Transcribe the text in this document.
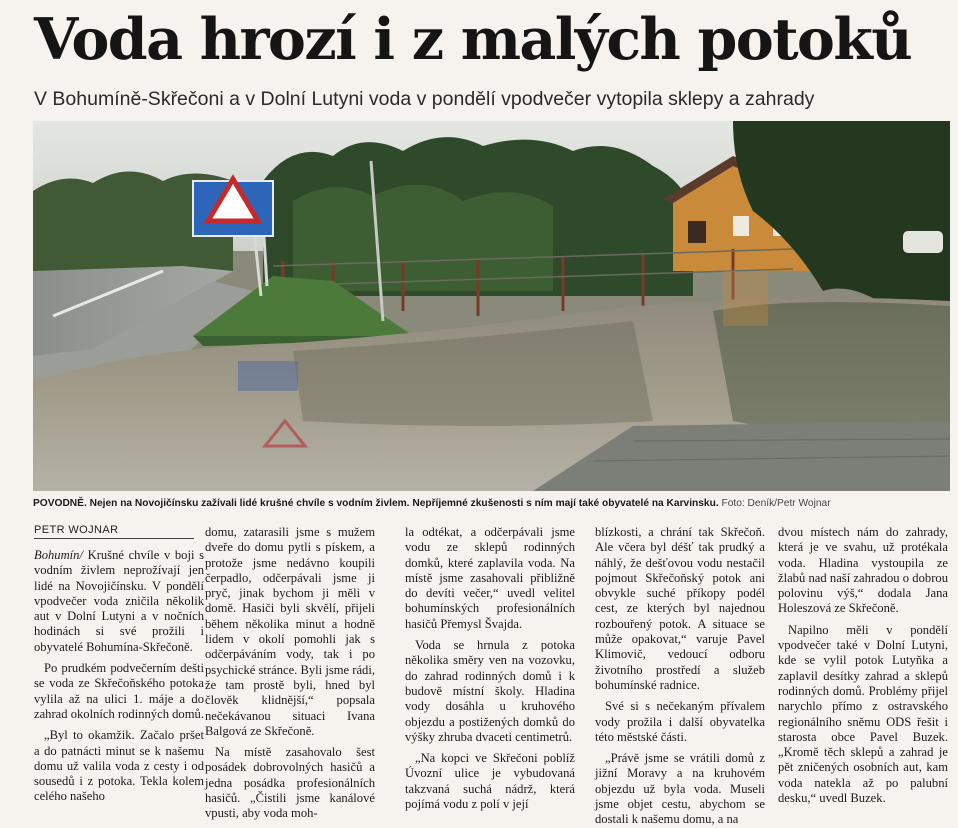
Voda hrozí i z malých potoků
V Bohumíně-Skřečoni a v Dolní Lutyni voda v pondělí vpodvečer vytopila sklepy a zahrady
POVODNĚ. Nejen na Novojičínsku zažívali lidé krušné chvíle s vodním živlem. Nepříjemné zkušenosti s ním mají také obyvatelé na Karvinsku. Foto: Deník/Petr Wojnar
PETR WOJNAR

Bohumín/ Krušné chvíle v boji s vodním živlem neprožívají jen lidé na Novojičínsku. V pondělí vpodvečer voda zničila několik aut v Dolní Lutyni a v nočních hodinách si své prožili i obyvatelé Bohumína-Skřečoně.

Po prudkém podvečerním dešti se voda ze Skřečoňského potoka vylila až na ulici 1. máje a do zahrad okolních rodinných domů.

„Byl to okamžik. Začalo pršet a do patnácti minut se k našemu domu už valila voda z cesty i od sousedů i z potoka. Tekla kolem celého našeho

domu, zatarasili jsme s mužem dveře do domu pytli s pískem, a protože jsme nedávno koupili čerpadlo, odčerpávali jsme ji pryč, jinak bychom ji měli v domě. Hasiči byli skvělí, přijeli během několika minut a hodně lidem v okolí pomohli jak s odčerpáváním vody, tak i po psychické stránce. Byli jsme rádi, že tam prostě byli, hned byl člověk klidnější,“ popsala nečekávanou situaci Ivana Balgová ze Skřečoně.

Na místě zasahovalo šest posádek dobrovolných hasičů a jedna posádka profesionálních hasičů. „Čistili jsme kanálové vpusti, aby voda moh-

la odtékat, a odčerpávali jsme vodu ze sklepů rodinných domků, které zaplavila voda. Na místě jsme zasahovali přibližně do devíti večer,“ uvedl velitel bohumínských profesionálních hasičů Přemysl Švajda.

Voda se hrnula z potoka několika směry ven na vozovku, do zahrad rodinných domů i k budově místní školy. Hladina vody dosáhla u kruhového objezdu a postižených domků do výšky zhruba dvaceti centimetrů.

„Na kopci ve Skřečoni poblíž Úvozní ulice je vybudovaná takzvaná suchá nádrž, která pojímá vodu z polí v její

blízkosti, a chrání tak Skřečoň. Ale včera byl déšť tak prudký a náhlý, že dešťovou vodu nestačil pojmout Skřečoňský potok ani obvykle suché příkopy podél cest, ze kterých byl najednou rozbouřený potok. A situace se může opakovat,“ varuje Pavel Klimovič, vedoucí odboru životního prostředí a služeb bohumínské radnice.

Své si s nečekaným přívalem vody prožila i další obyvatelka této městské části.

„Právě jsme se vrátili domů z jižní Moravy a na kruhovém objezdu už byla voda. Museli jsme objet cestu, abychom se dostali k našemu domu, a na

dvou místech nám do zahrady, která je ve svahu, už protékala voda. Hladina vystoupila ze žlabů nad naší zahradou o dobrou polovinu výš,“ dodala Jana Holeszová ze Skřečoně.

Napilno měli v pondělí vpodvečer také v Dolní Lutyni, kde se vylil potok Lutyňka a zaplavil desítky zahrad a sklepů rodinných domů. Problémy přijel narychlo přímo z ostravského regionálního sněmu ODS řešit i starosta obce Pavel Buzek. „Kromě těch sklepů a zahrad je pět zničených osobních aut, kam voda natekla až po palubní desku,“ uvedl Buzek.
